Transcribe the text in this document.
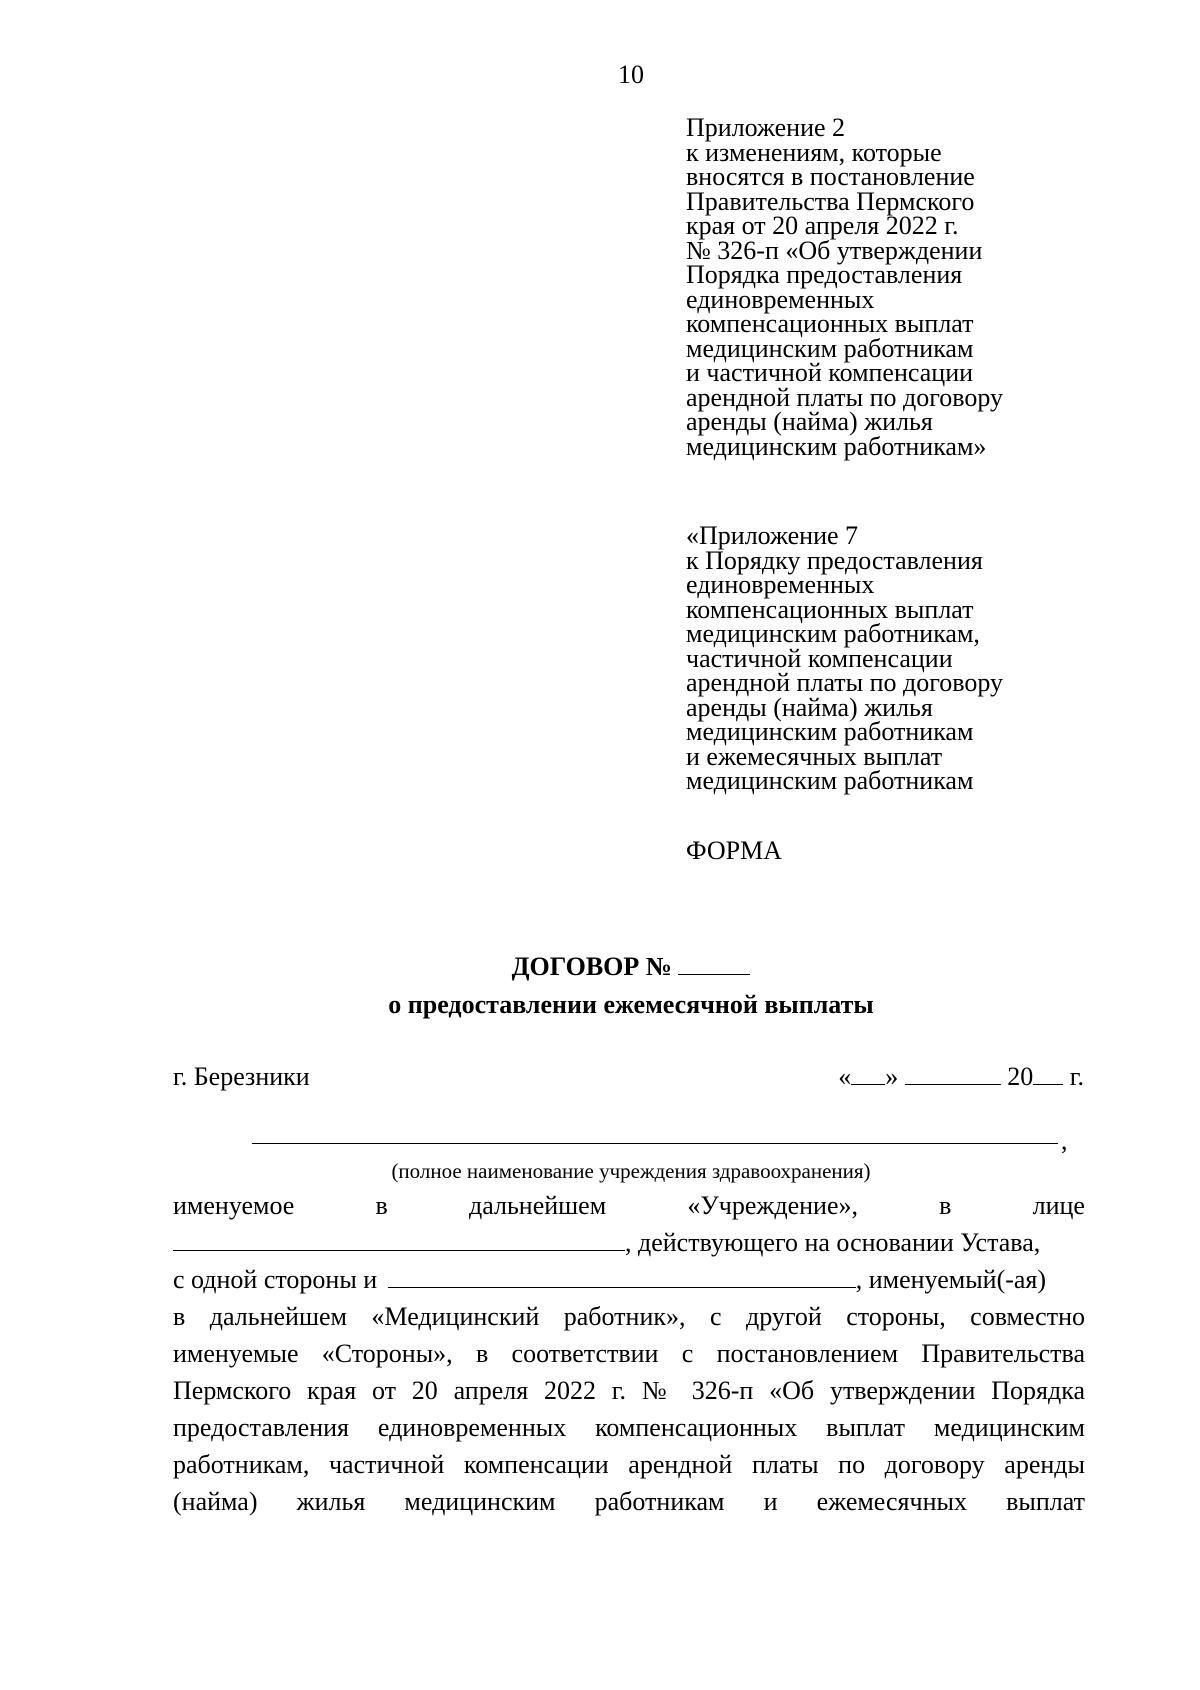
10
Приложение 2
к изменениям, которые
вносятся в постановление
Правительства Пермского
края от 20 апреля 2022 г.
№ 326-п «Об утверждении
Порядка предоставления
единовременных
компенсационных выплат
медицинским работникам
и частичной компенсации
арендной платы по договору
аренды (найма) жилья
медицинским работникам»
«Приложение 7
к Порядку предоставления
единовременных
компенсационных выплат
медицинским работникам,
частичной компенсации
арендной платы по договору
аренды (найма) жилья
медицинским работникам
и ежемесячных выплат
медицинским работникам
ФОРМА
ДОГОВОР №
о предоставлении ежемесячной выплаты
г. Березники	« »	20 г.
,
(полное наименование учреждения здравоохранения)
именуемое	в	дальнейшем	«Учреждение»,	в	лице
, действующего на основании Устава,
с одной стороны и	, именуемый(-ая)
в дальнейшем «Медицинский работник», с другой стороны, совместно
именуемые «Стороны», в соответствии с постановлением Правительства
Пермского края от 20 апреля 2022 г. № 326-п «Об утверждении Порядка
предоставления единовременных компенсационных выплат медицинским
работникам, частичной компенсации арендной платы по договору аренды
(найма) жилья медицинским работникам и ежемесячных выплат
